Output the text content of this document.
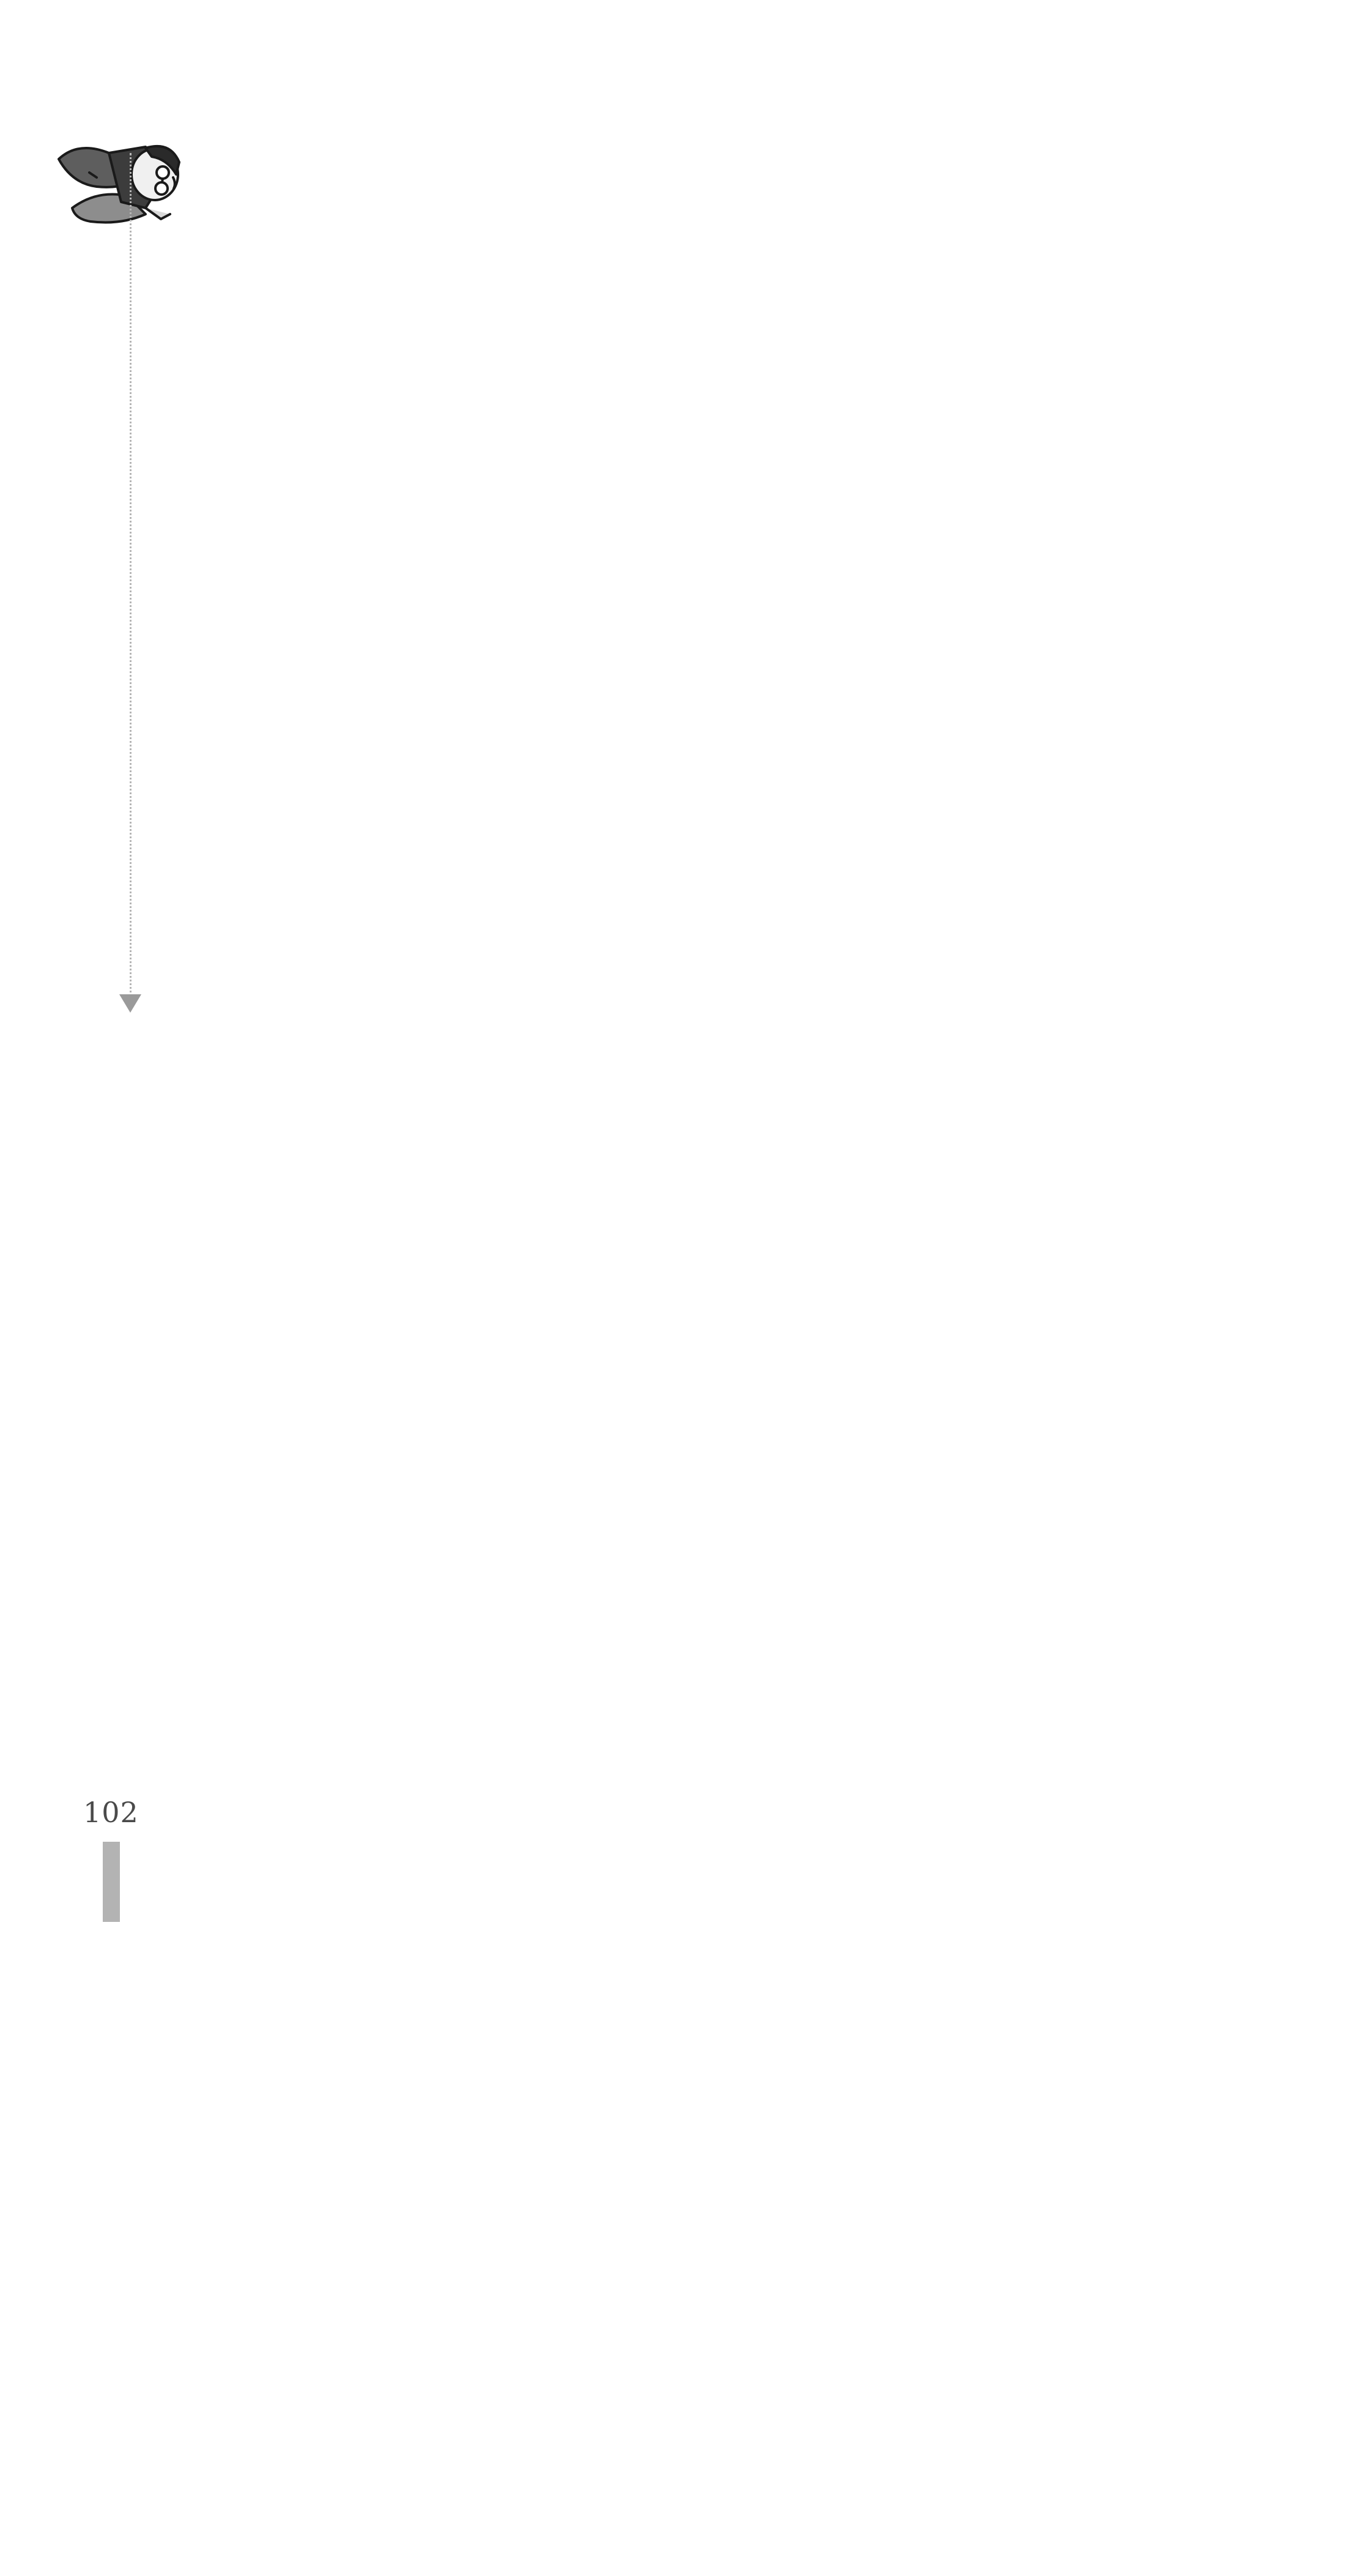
102
